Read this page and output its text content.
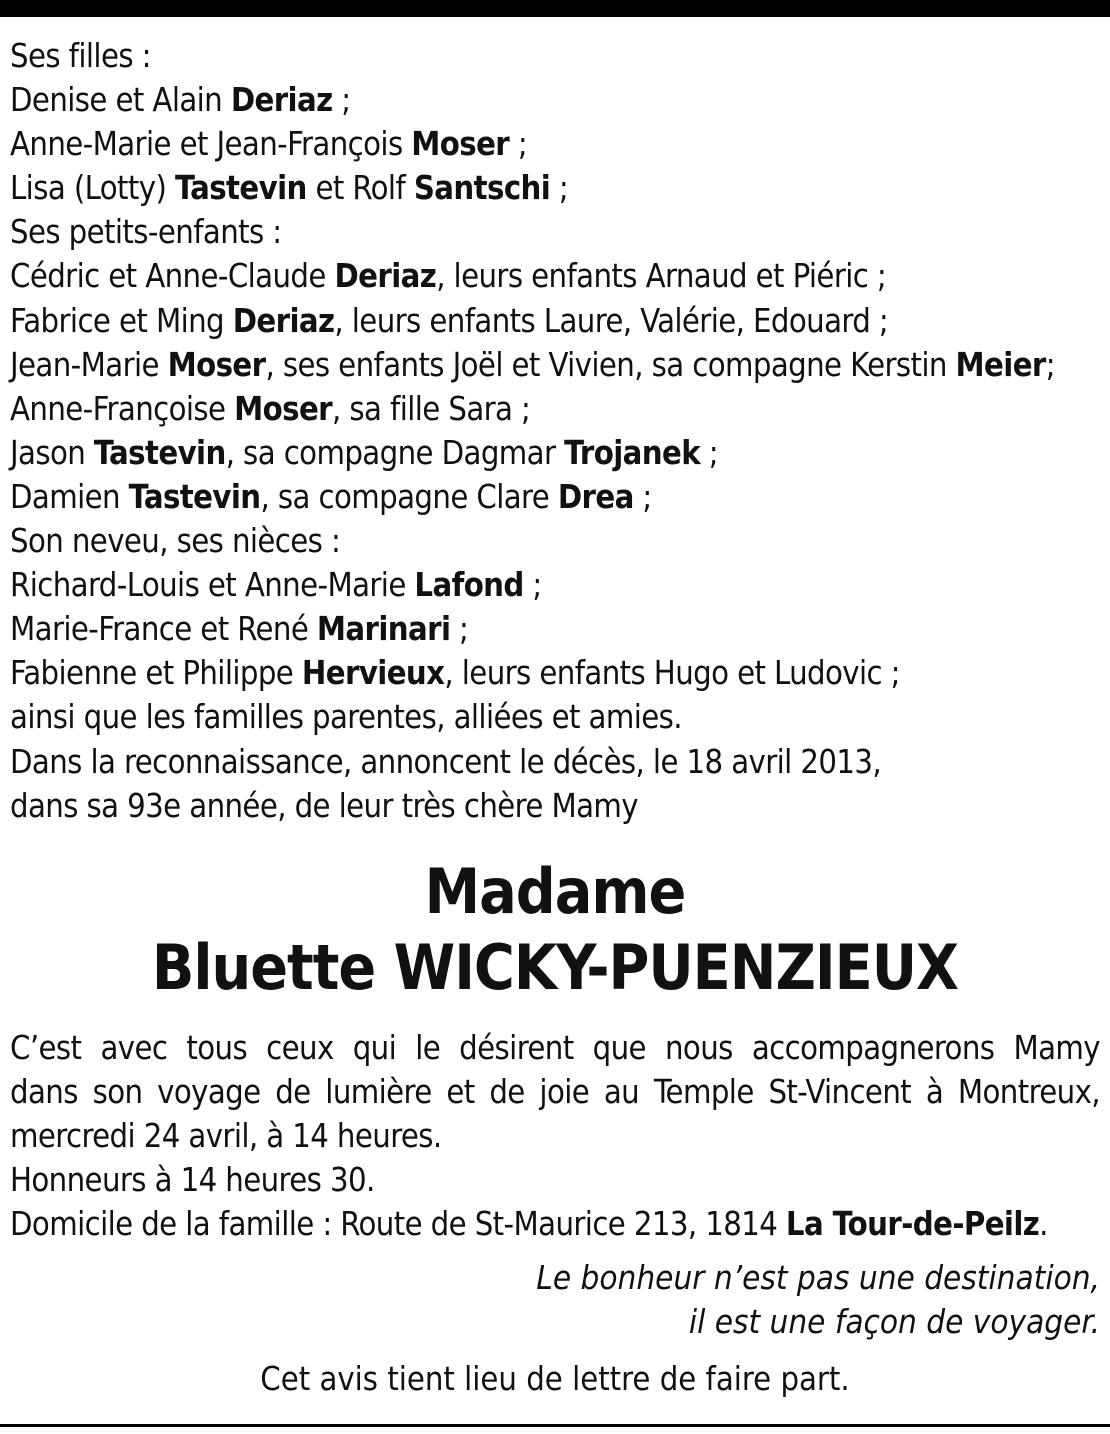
Ses filles :
Denise et Alain Deriaz ;
Anne-Marie et Jean-François Moser ;
Lisa (Lotty) Tastevin et Rolf Santschi ;
Ses petits-enfants :
Cédric et Anne-Claude Deriaz, leurs enfants Arnaud et Piéric ;
Fabrice et Ming Deriaz, leurs enfants Laure, Valérie, Edouard ;
Jean-Marie Moser, ses enfants Joël et Vivien, sa compagne Kerstin Meier;
Anne-Françoise Moser, sa fille Sara ;
Jason Tastevin, sa compagne Dagmar Trojanek ;
Damien Tastevin, sa compagne Clare Drea ;
Son neveu, ses nièces :
Richard-Louis et Anne-Marie Lafond ;
Marie-France et René Marinari ;
Fabienne et Philippe Hervieux, leurs enfants Hugo et Ludovic ;
ainsi que les familles parentes, alliées et amies.
Dans la reconnaissance, annoncent le décès, le 18 avril 2013,
dans sa 93e année, de leur très chère Mamy
Madame
Bluette WICKY-PUENZIEUX
C’est avec tous ceux qui le désirent que nous accompagnerons Mamy
dans son voyage de lumière et de joie au Temple St-Vincent à Montreux,
mercredi 24 avril, à 14 heures.
Honneurs à 14 heures 30.
Domicile de la famille : Route de St-Maurice 213, 1814 La Tour-de-Peilz.
Le bonheur n’est pas une destination,
il est une façon de voyager.
Cet avis tient lieu de lettre de faire part.
